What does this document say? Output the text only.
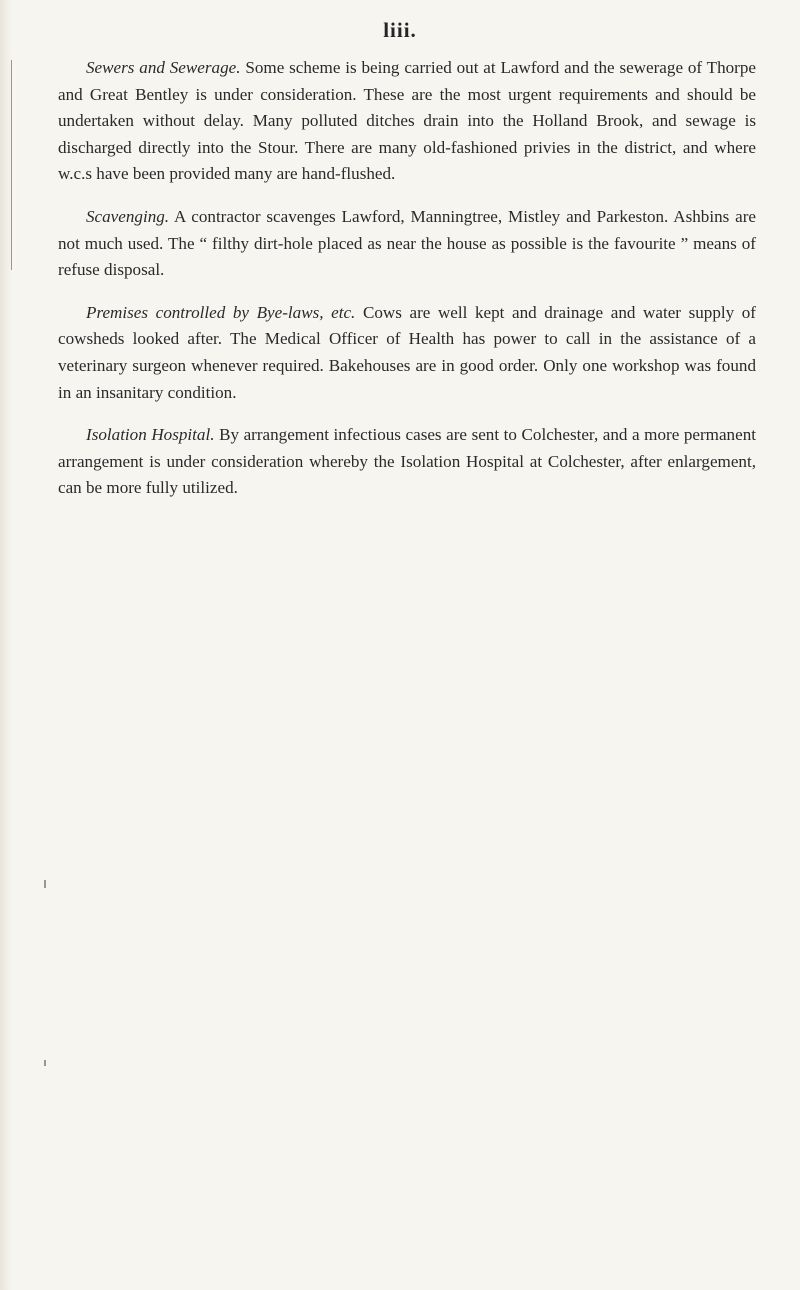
liii.

Sewers and Sewerage. Some scheme is being carried out at Lawford and the sewerage of Thorpe and Great Bentley is under consideration. These are the most urgent requirements and should be undertaken without delay. Many polluted ditches drain into the Holland Brook, and sewage is discharged directly into the Stour. There are many old-fashioned privies in the district, and where w.c.s have been provided many are hand-flushed.

Scavenging. A contractor scavenges Lawford, Manningtree, Mistley and Parkeston. Ashbins are not much used. The “ filthy dirt-hole placed as near the house as possible is the favourite ” means of refuse disposal.

Premises controlled by Bye-laws, etc. Cows are well kept and drainage and water supply of cowsheds looked after. The Medical Officer of Health has power to call in the assistance of a veterinary surgeon whenever required. Bakehouses are in good order. Only one workshop was found in an insanitary condition.

Isolation Hospital. By arrangement infectious cases are sent to Colchester, and a more permanent arrangement is under consideration whereby the Isolation Hospital at Colchester, after enlargement, can be more fully utilized.
